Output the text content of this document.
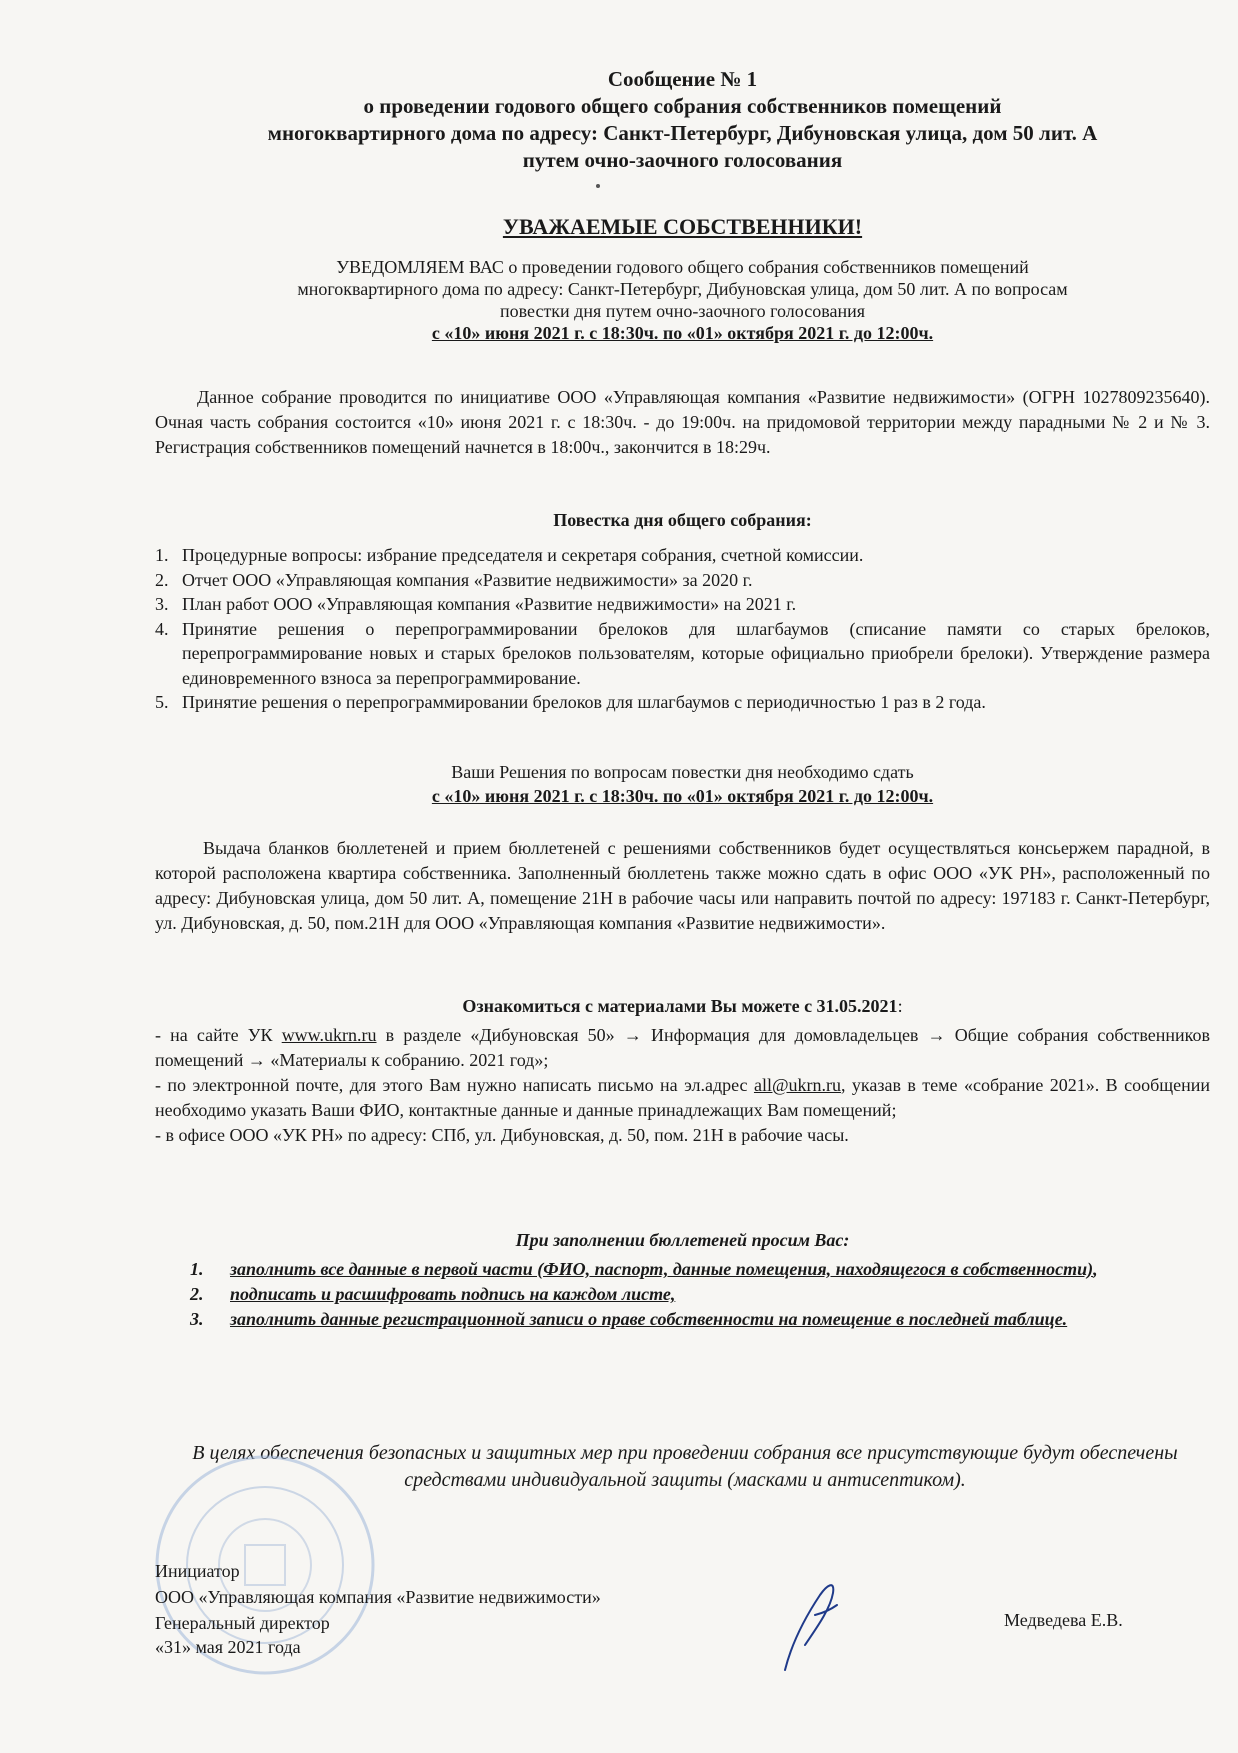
Сообщение № 1
о проведении годового общего собрания собственников помещений
многоквартирного дома по адресу: Санкт-Петербург, Дибуновская улица, дом 50 лит. А
путем очно-заочного голосования
УВАЖАЕМЫЕ СОБСТВЕННИКИ!
УВЕДОМЛЯЕМ ВАС о проведении годового общего собрания собственников помещений
многоквартирного дома по адресу: Санкт-Петербург, Дибуновская улица, дом 50 лит. А по вопросам
повестки дня путем очно-заочного голосования
с «10» июня 2021 г. с 18:30ч. по «01» октября 2021 г. до 12:00ч.
Данное собрание проводится по инициативе ООО «Управляющая компания «Развитие недвижимости» (ОГРН 1027809235640). Очная часть собрания состоится «10» июня 2021 г. с 18:30ч. - до 19:00ч. на придомовой территории между парадными № 2 и № 3. Регистрация собственников помещений начнется в 18:00ч., закончится в 18:29ч.
Повестка дня общего собрания:
1. Процедурные вопросы: избрание председателя и секретаря собрания, счетной комиссии.
2. Отчет ООО «Управляющая компания «Развитие недвижимости» за 2020 г.
3. План работ ООО «Управляющая компания «Развитие недвижимости» на 2021 г.
4. Принятие решения о перепрограммировании брелоков для шлагбаумов (списание памяти со старых брелоков, перепрограммирование новых и старых брелоков пользователям, которые официально приобрели брелоки). Утверждение размера единовременного взноса за перепрограммирование.
5. Принятие решения о перепрограммировании брелоков для шлагбаумов с периодичностью 1 раз в 2 года.
Ваши Решения по вопросам повестки дня необходимо сдать
с «10» июня 2021 г. с 18:30ч. по «01» октября 2021 г. до 12:00ч.
Выдача бланков бюллетеней и прием бюллетеней с решениями собственников будет осуществляться консьержем парадной, в которой расположена квартира собственника. Заполненный бюллетень также можно сдать в офис ООО «УК РН», расположенный по адресу: Дибуновская улица, дом 50 лит. А, помещение 21Н в рабочие часы или направить почтой по адресу: 197183 г. Санкт-Петербург, ул. Дибуновская, д. 50, пом.21Н для ООО «Управляющая компания «Развитие недвижимости».
Ознакомиться с материалами Вы можете с 31.05.2021:

- на сайте УК www.ukrn.ru в разделе «Дибуновская 50» → Информация для домовладельцев → Общие собрания собственников помещений → «Материалы к собранию. 2021 год»;

- по электронной почте, для этого Вам нужно написать письмо на эл.адрес all@ukrn.ru, указав в теме «собрание 2021». В сообщении необходимо указать Ваши ФИО, контактные данные и данные принадлежащих Вам помещений;

- в офисе ООО «УК РН» по адресу: СПб, ул. Дибуновская, д. 50, пом. 21Н в рабочие часы.

При заполнении бюллетеней просим Вас:
1. заполнить все данные в первой части (ФИО, паспорт, данные помещения, находящегося в собственности),
2. подписать и расшифровать подпись на каждом листе,
3. заполнить данные регистрационной записи о праве собственности на помещение в последней таблице.
В целях обеспечения безопасных и защитных мер при проведении собрания все присутствующие будут обеспечены средствами индивидуальной защиты (масками и антисептиком).
Инициатор
ООО «Управляющая компания «Развитие недвижимости»
Генеральный директор	Медведева Е.В.
«31» мая 2021 года
